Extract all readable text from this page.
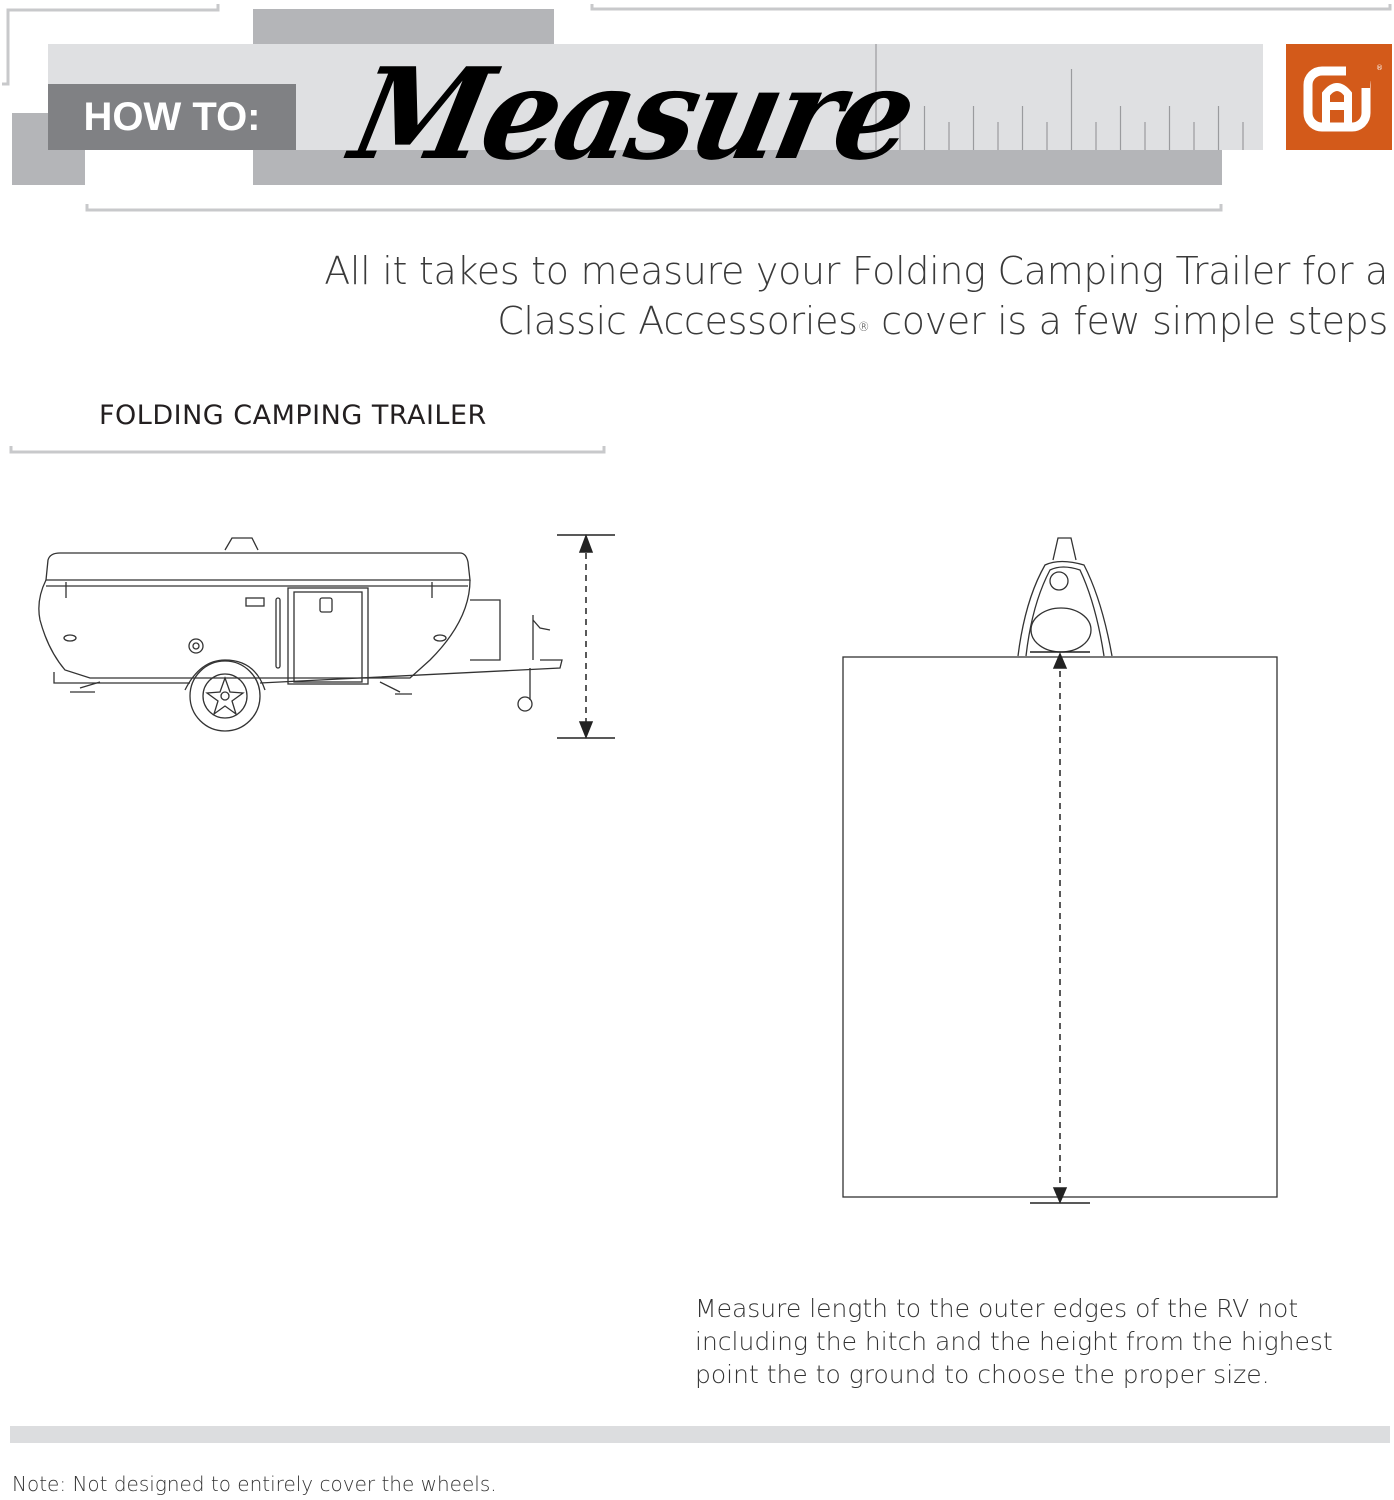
HOW TO: Measure	®
All it takes to measure your Folding Camping Trailer for a
Classic Accessories® cover is a few simple steps
FOLDING CAMPING TRAILER
Measure length to the outer edges of the RV not including the hitch and the height from the highest point the to ground to choose the proper size.
Note: Not designed to entirely cover the wheels.
